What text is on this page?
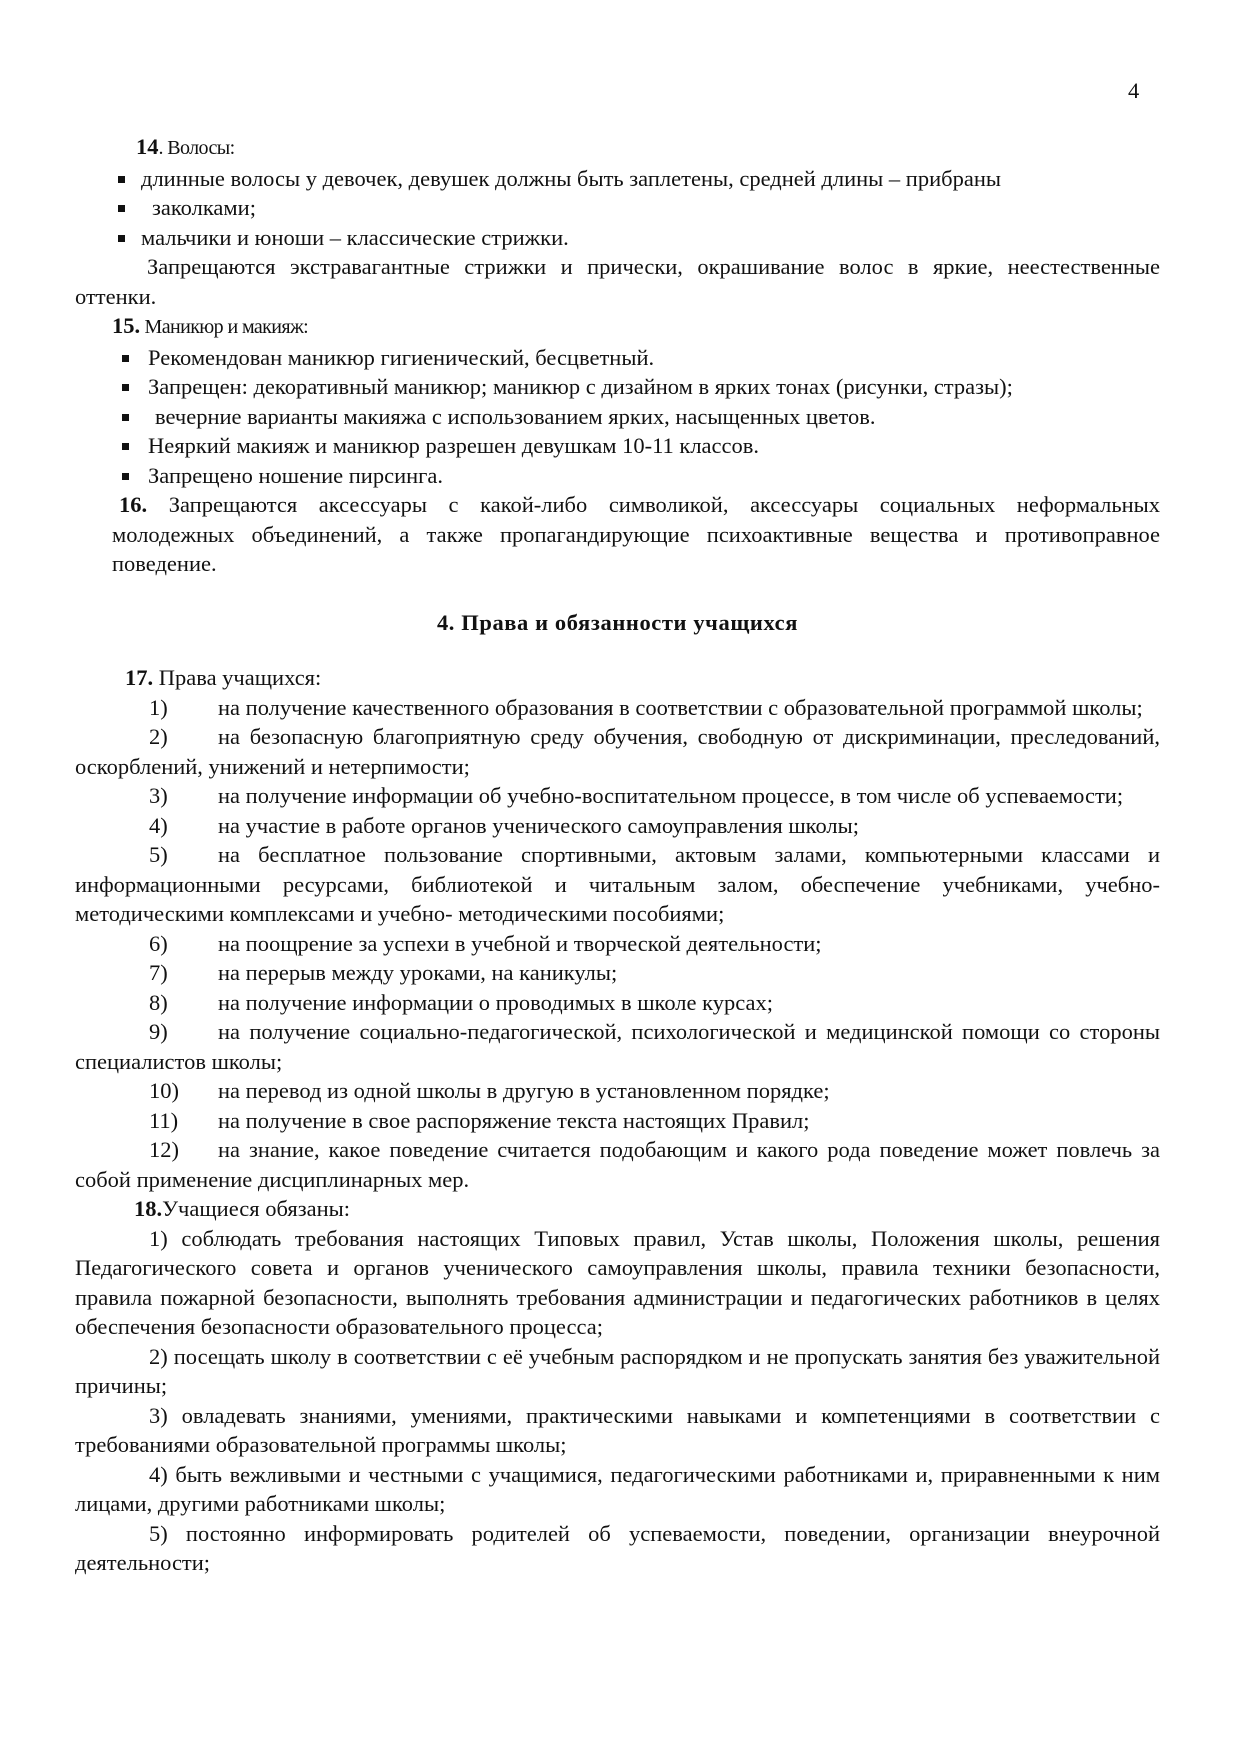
4

14. Волосы:

длинные волосы у девочек, девушек должны быть заплетены, средней длины – прибраны
заколками;
мальчики и юноши – классические стрижки.

Запрещаются экстравагантные стрижки и прически, окрашивание волос в яркие, неестественные оттенки.

15. Маникюр и макияж:

Рекомендован маникюр гигиенический, бесцветный.
Запрещен: декоративный маникюр; маникюр с дизайном в ярких тонах (рисунки, стразы);
вечерние варианты макияжа с использованием ярких, насыщенных цветов.
Неяркий макияж и маникюр разрешен девушкам 10-11 классов.
Запрещено ношение пирсинга.

16. Запрещаются аксессуары с какой-либо символикой, аксессуары социальных неформальных молодежных объединений, а также пропагандирующие психоактивные вещества и противоправное поведение.

4. Права и обязанности учащихся

17. Права учащихся:

1) на получение качественного образования в соответствии с образовательной программой школы;
2) на безопасную благоприятную среду обучения, свободную от дискриминации, преследований, оскорблений, унижений и нетерпимости;
3) на получение информации об учебно-воспитательном процессе, в том числе об успеваемости;
4) на участие в работе органов ученического самоуправления школы;
5) на бесплатное пользование спортивными, актовым залами, компьютерными классами и информационными ресурсами, библиотекой и читальным залом, обеспечение учебниками, учебно-методическими комплексами и учебно- методическими пособиями;
6) на поощрение за успехи в учебной и творческой деятельности;
7) на перерыв между уроками, на каникулы;
8) на получение информации о проводимых в школе курсах;
9) на получение социально-педагогической, психологической и медицинской помощи со стороны специалистов школы;
10) на перевод из одной школы в другую в установленном порядке;
11) на получение в свое распоряжение текста настоящих Правил;
12) на знание, какое поведение считается подобающим и какого рода поведение может повлечь за собой применение дисциплинарных мер.

18.Учащиеся обязаны:

1) соблюдать требования настоящих Типовых правил, Устав школы, Положения школы, решения Педагогического совета и органов ученического самоуправления школы, правила техники безопасности, правила пожарной безопасности, выполнять требования администрации и педагогических работников в целях обеспечения безопасности образовательного процесса;
2) посещать школу в соответствии с её учебным распорядком и не пропускать занятия без уважительной причины;
3) овладевать знаниями, умениями, практическими навыками и компетенциями в соответствии с требованиями образовательной программы школы;
4) быть вежливыми и честными с учащимися, педагогическими работниками и, приравненными к ним лицами, другими работниками школы;
5) постоянно информировать родителей об успеваемости, поведении, организации внеурочной деятельности;
